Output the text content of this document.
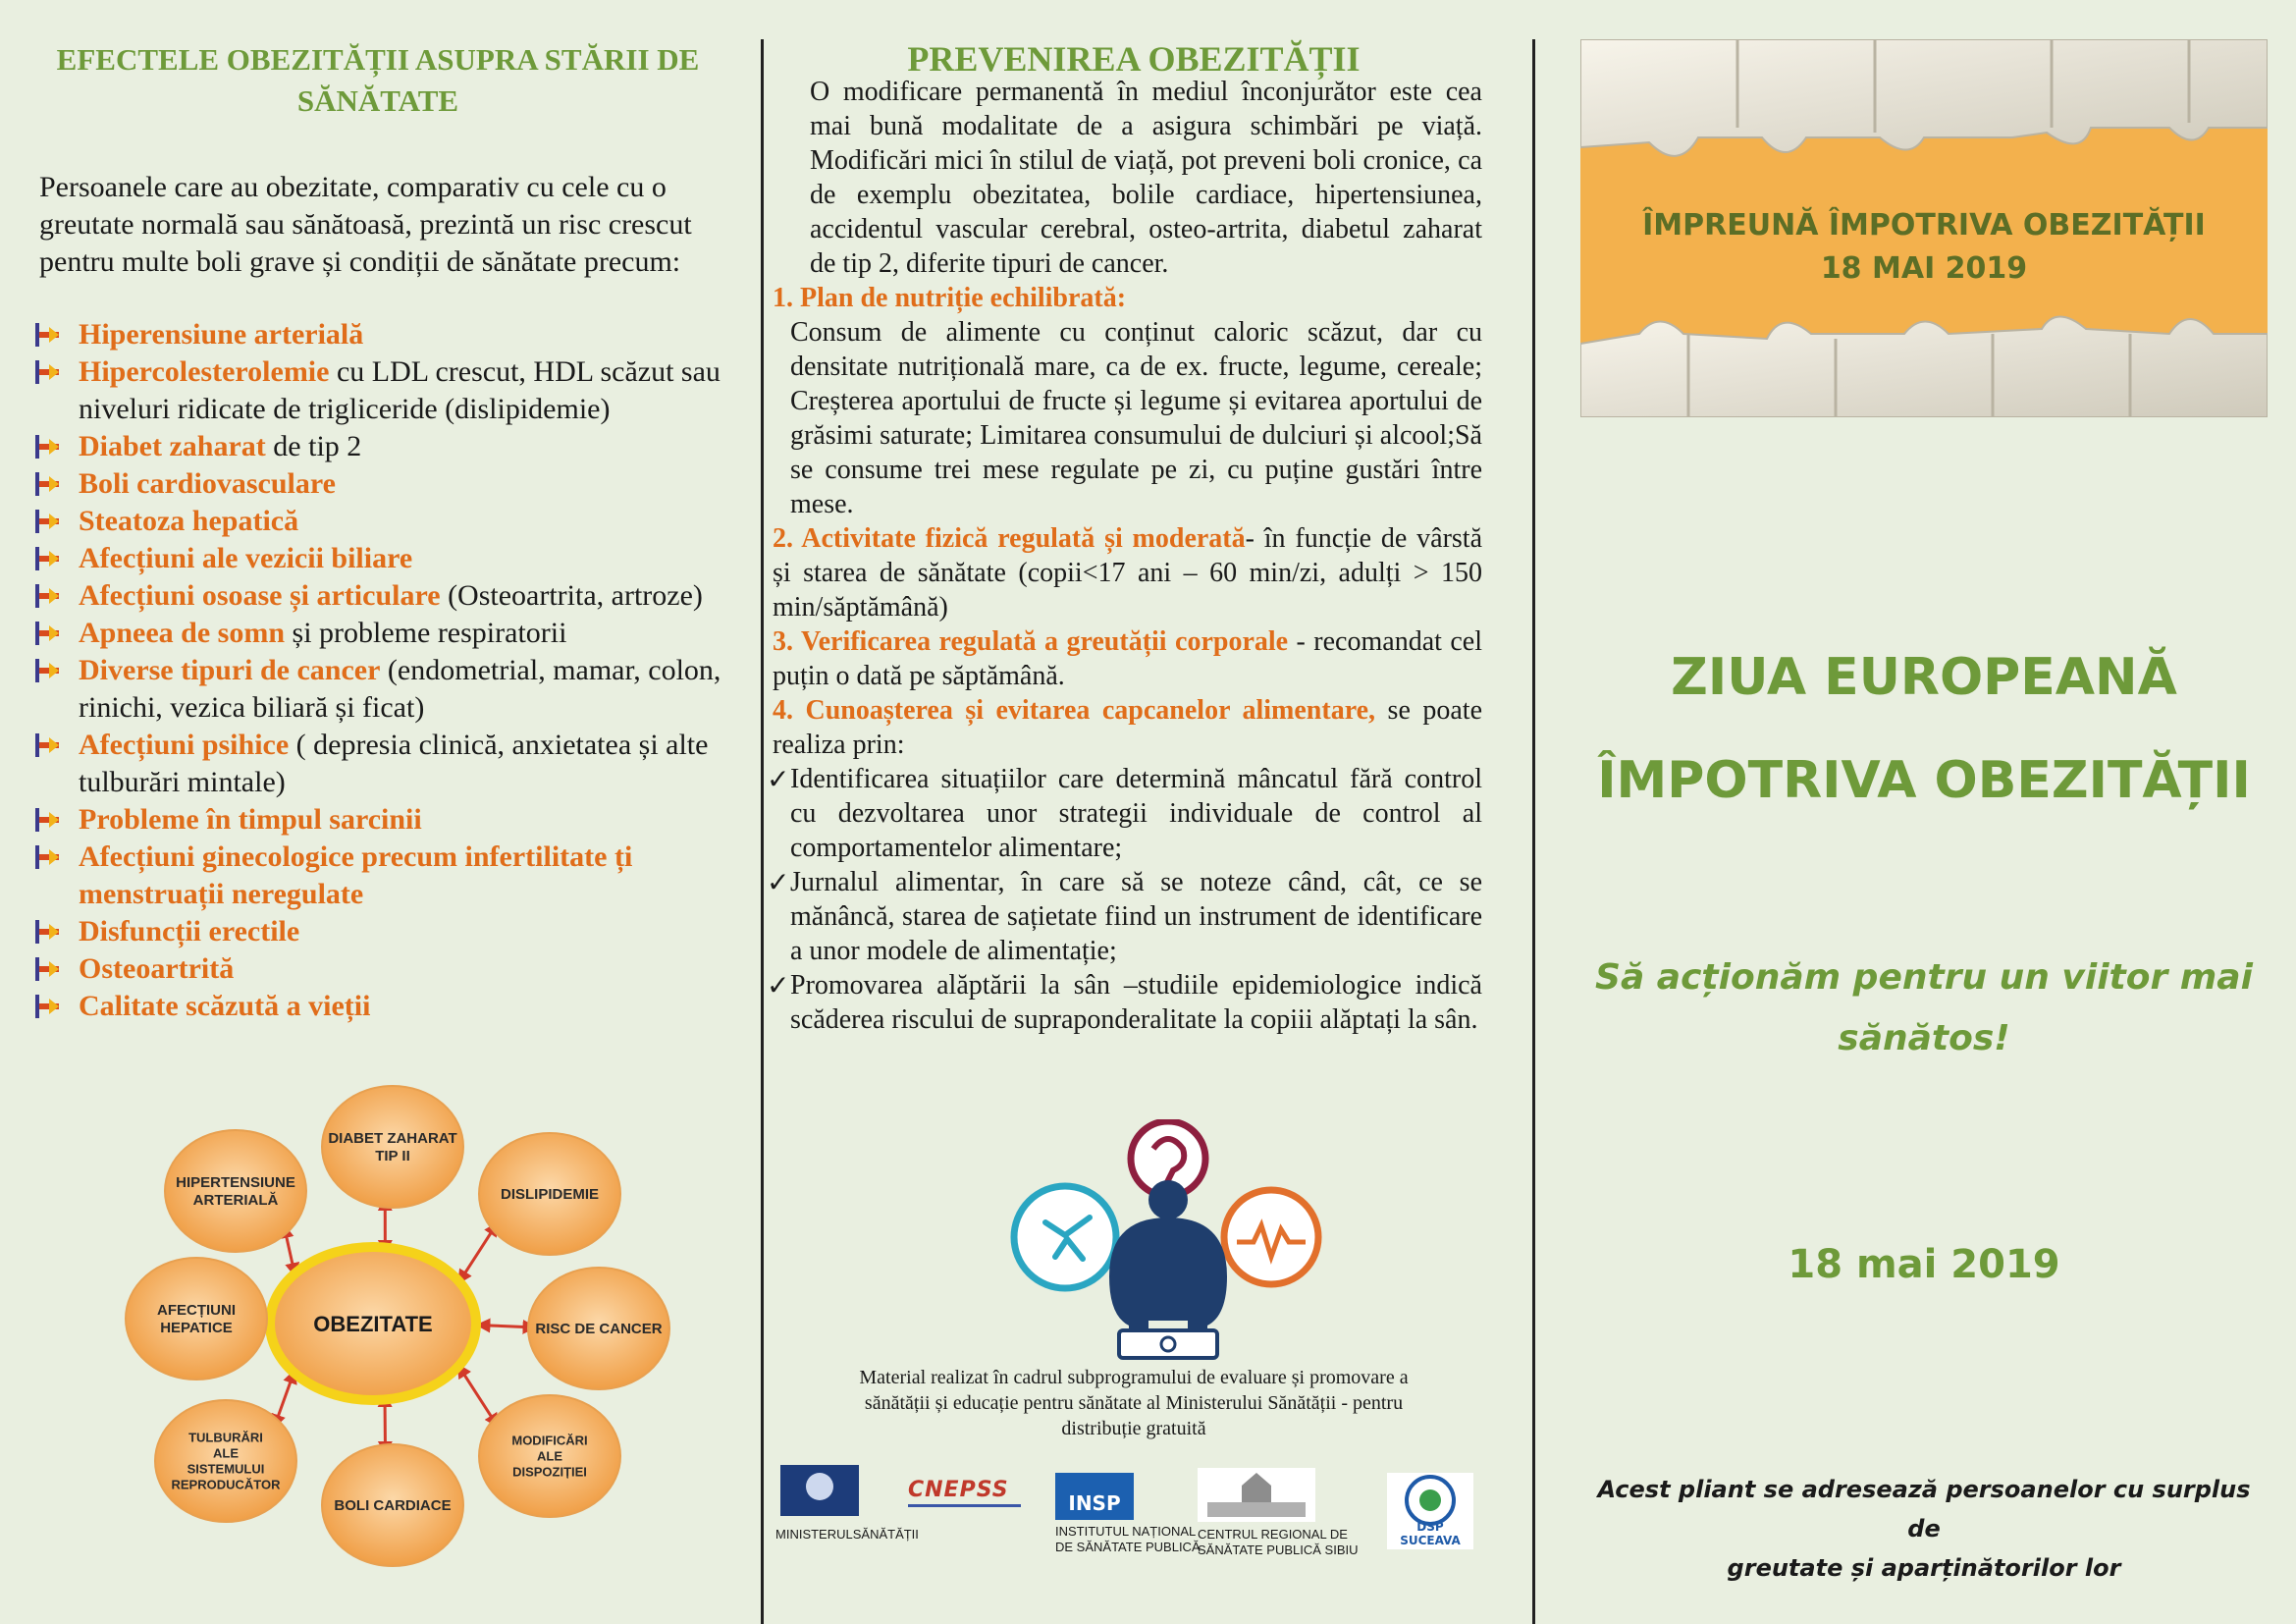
EFECTELE OBEZITĂȚII ASUPRA STĂRII DE SĂNĂTATE
Persoanele care au obezitate, comparativ cu cele cu o greutate normală sau sănătoasă, prezintă un risc crescut pentru multe boli grave și condiții de sănătate precum:
Hiperensiune arterială
Hipercolesterolemie cu LDL crescut, HDL scăzut sau niveluri ridicate de trigliceride (dislipidemie)
Diabet zaharat de tip 2
Boli cardiovasculare
Steatoza hepatică
Afecțiuni ale vezicii biliare
Afecțiuni osoase și articulare (Osteoartrita, artroze)
Apneea de somn și probleme respiratorii
Diverse tipuri de cancer (endometrial, mamar, colon, rinichi, vezica biliară și ficat)
Afecțiuni psihice ( depresia clinică, anxietatea și alte tulburări mintale)
Probleme în timpul sarcinii
Afecțiuni ginecologice precum infertilitate ți menstruații neregulate
Disfuncții erectile
Osteoartrită
Calitate scăzută a vieții
OBEZITATE
DIABET ZAHARAT TIP II
DISLIPIDEMIE
RISC DE CANCER
MODIFICĂRI ALE DISPOZIȚIEI
BOLI CARDIACE
TULBURĂRI ALE SISTEMULUI REPRODUCĂTOR
AFECȚIUNI HEPATICE
HIPERTENSIUNE ARTERIALĂ
PREVENIREA OBEZITĂȚII

O modificare permanentă în mediul înconjurător este cea mai bună modalitate de a asigura schimbări pe viață. Modificări mici în stilul de viață, pot preveni boli cronice, ca de exemplu obezitatea, bolile cardiace, hipertensiunea, accidentul vascular cerebral, osteo-artrita, diabetul zaharat de tip 2, diferite tipuri de cancer.

1. Plan de nutriție echilibrată:

Consum de alimente cu conținut caloric scăzut, dar cu densitate nutrițională mare, ca de ex. fructe, legume, cereale; Creșterea aportului de fructe și legume și evitarea aportului de grăsimi saturate; Limitarea consumului de dulciuri și alcool;Să se consume trei mese regulate pe zi, cu puține gustări între mese.

2. Activitate fizică regulată și moderată- în funcție de vârstă și starea de sănătate (copii<17 ani – 60 min/zi, adulți > 150 min/săptămână)

3. Verificarea regulată a greutății corporale - recomandat cel puțin o dată pe săptămână.

4. Cunoașterea și evitarea capcanelor alimentare, se poate realiza prin:

✓ Identificarea situațiilor care determină mâncatul fără control cu dezvoltarea unor strategii individuale de control al comportamentelor alimentare;
✓ Jurnalul alimentar, în care să se noteze când, cât, ce se mănâncă, starea de sațietate fiind un instrument de identificare a unor modele de alimentație;
✓ Promovarea alăptării la sân –studiile epidemiologice indică scăderea riscului de supraponderalitate la copiii alăptați la sân.
Material realizat în cadrul subprogramului de evaluare și promovare a sănătății și educație pentru sănătate al Ministerului Sănătății - pentru distribuție gratuită
MINISTERULSĂNĂTĂȚII
CNEPSS
INSP
INSTITUTUL NAȚIONAL
DE SĂNĂTATE PUBLICĂ
CENTRUL REGIONAL DE
SĂNĂTATE PUBLICĂ SIBIU
DSP SUCEAVA
ÎMPREUNĂ ÎMPOTRIVA OBEZITĂȚII
18 MAI 2019
ZIUA EUROPEANĂ
ÎMPOTRIVA OBEZITĂȚII
Să acționăm pentru un viitor mai
sănătos!
18 mai 2019
Acest pliant se adresează persoanelor cu surplus de
greutate și aparținătorilor lor
